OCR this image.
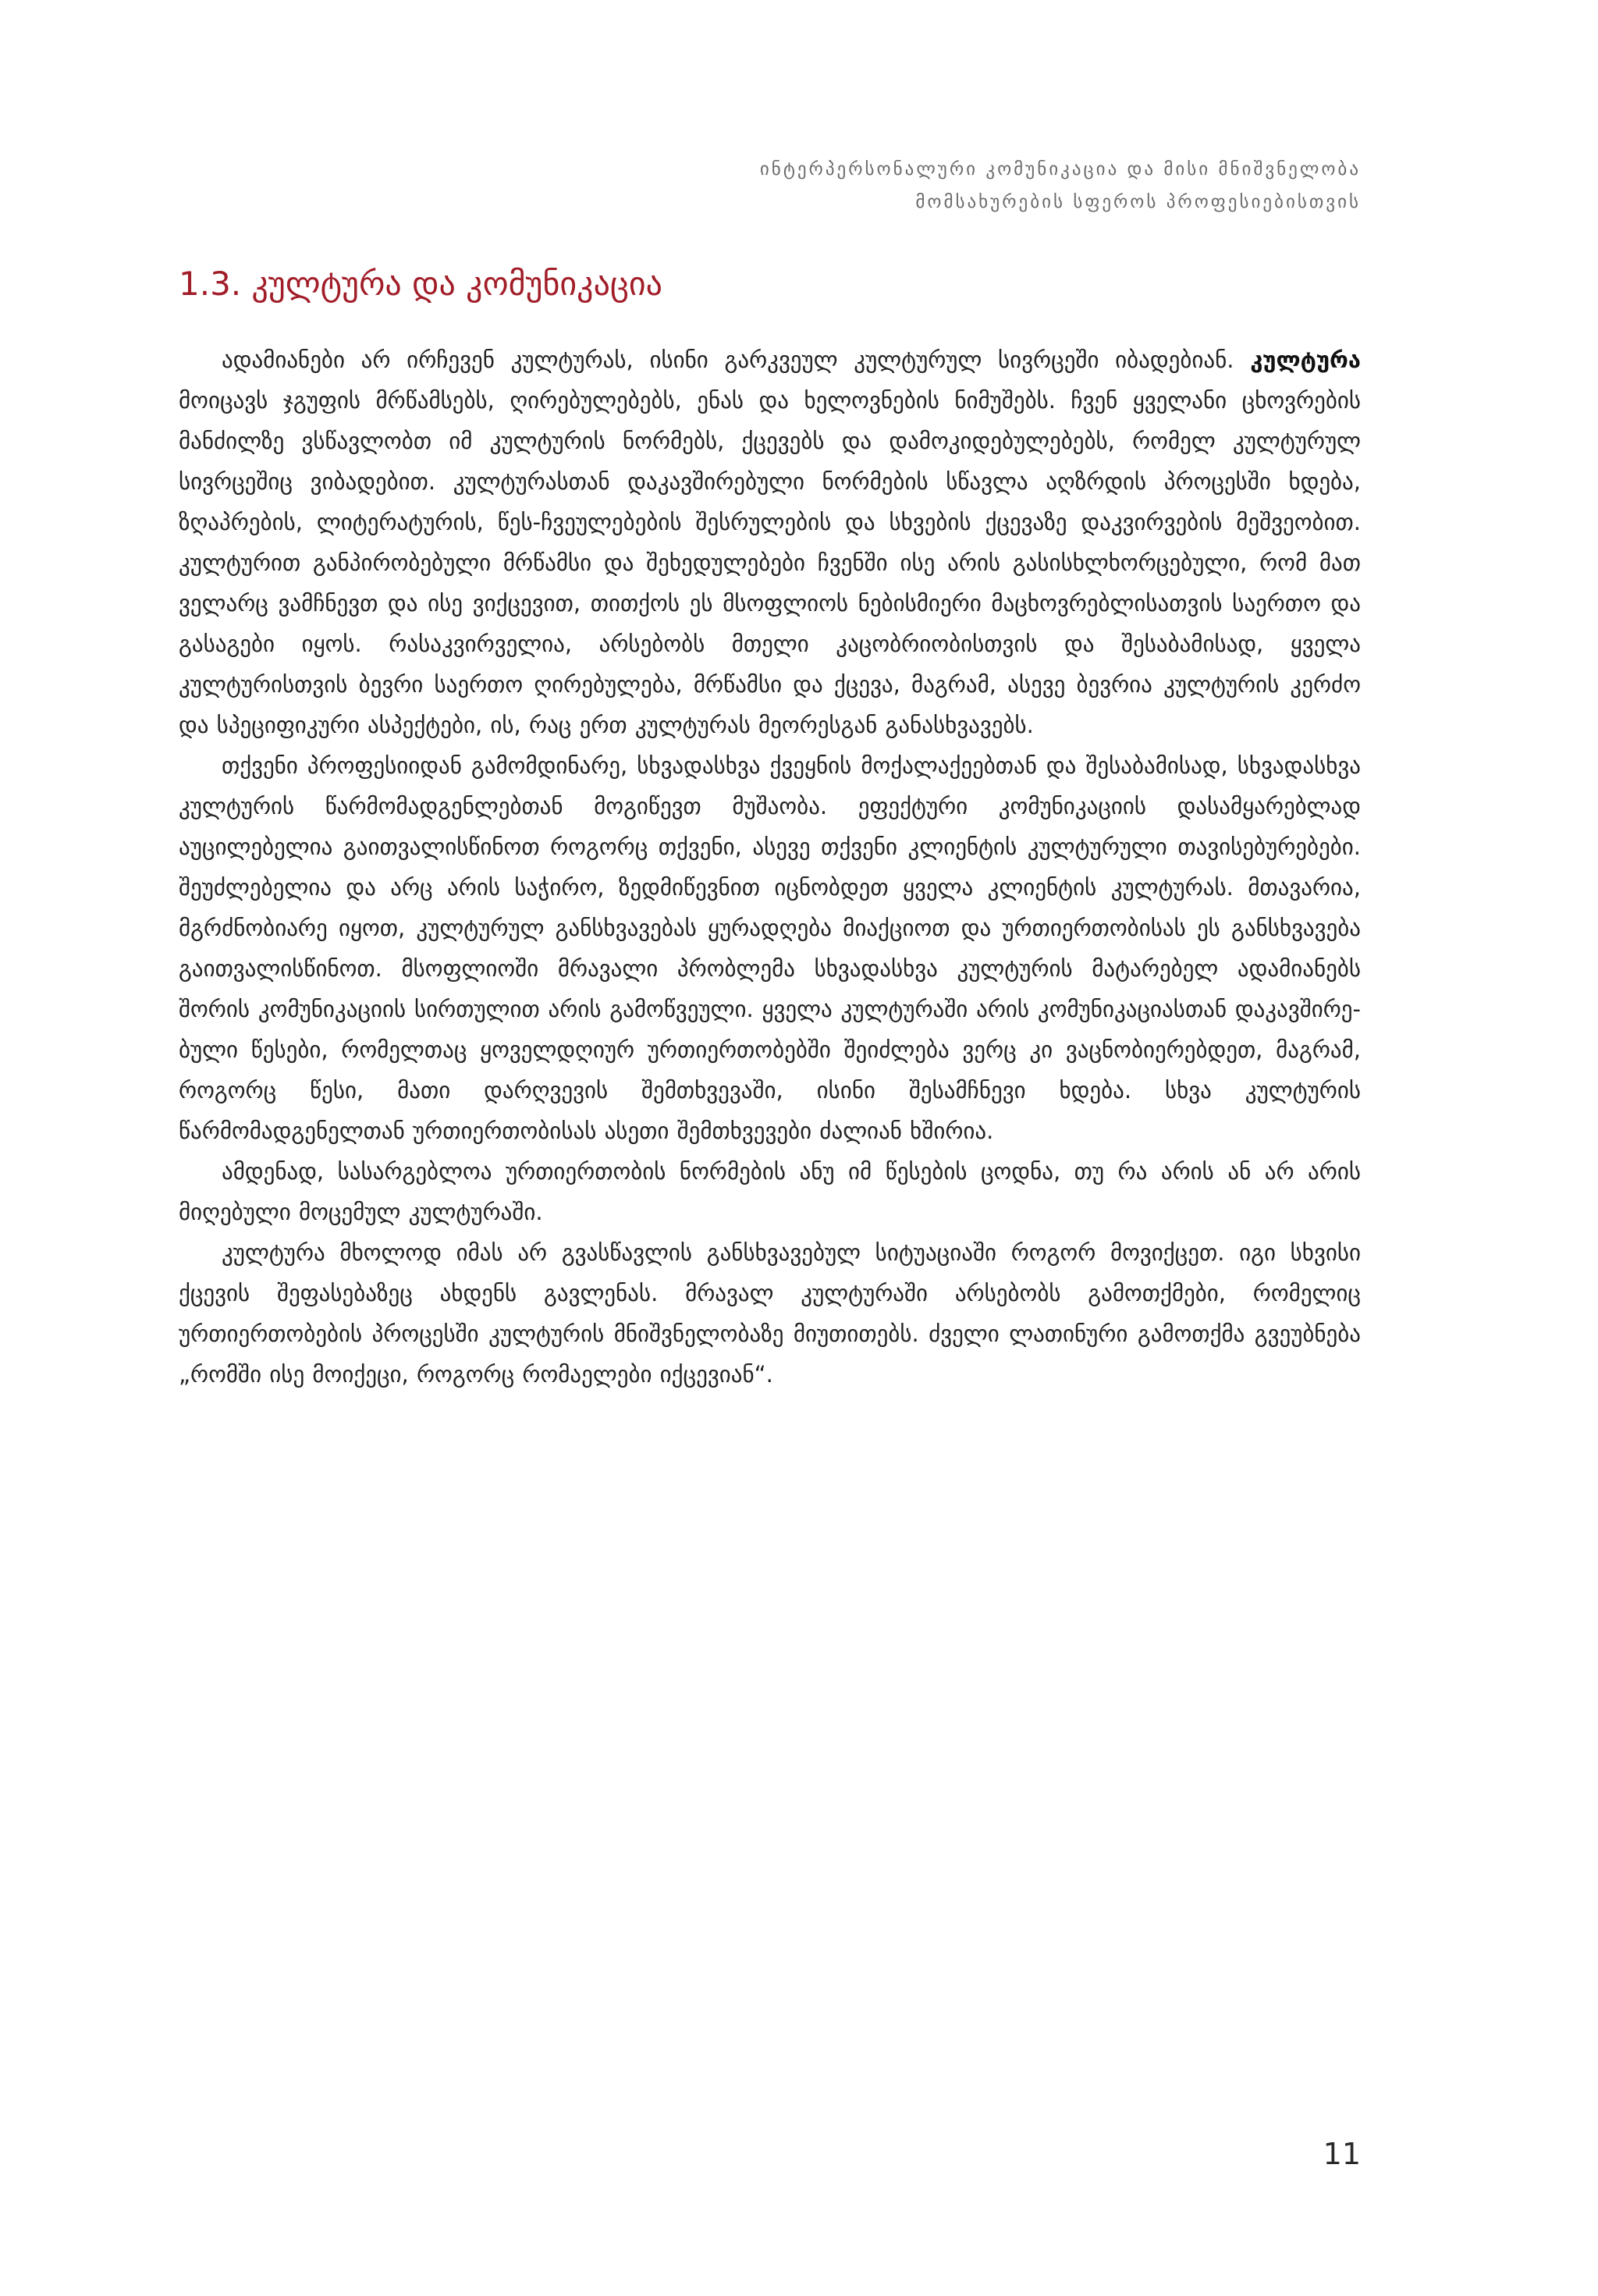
ინტერპერსონალური კომუნიკაცია და მისი მნიშვნელობა
მომსახურების სფეროს პროფესიებისთვის
1.3. კულტურა და კომუნიკაცია

ადამიანები არ ირჩევენ კულტურას, ისინი გარკვეულ კულტურულ სივრცეში იბადებიან. კულტურა მოიცავს ჯგუფის მრწამსებს, ღირებულებებს, ენას და ხელოვნების ნიმუშებს. ჩვენ ყველანი ცხოვრების მანძილზე ვსწავლობთ იმ კულტურის ნორმებს, ქცევებს და დამოკიდებულებებს, რომელ კულტურულ სივრცეშიც ვიბადებით. კულტურასთან დაკავშირებული ნორმების სწავლა აღზრდის პროცესში ხდება, ზღაპრების, ლიტერატურის, წეს-ჩვეულებების შესრულების და სხვების ქცევაზე დაკვირვების მეშვეობით. კულტურით განპირობებული მრწამსი და შეხედულებები ჩვენში ისე არის გასისხლხორცებული, რომ მათ ველარც ვამჩნევთ და ისე ვიქცევით, თითქოს ეს მსოფლიოს ნებისმიერი მაცხოვრებლისათვის საერთო და გასაგები იყოს. რასაკვირველია, არსებობს მთელი კაცობრიობისთვის და შესაბამისად, ყველა კულტურისთვის ბევრი საერთო ღირებულება, მრწამსი და ქცევა, მაგრამ, ასევე ბევრია კულტურის კერძო და სპეციფიკური ასპექტები, ის, რაც ერთ კულტურას მეორესგან განასხვავებს.

თქვენი პროფესიიდან გამომდინარე, სხვადასხვა ქვეყნის მოქალაქეებთან და შესაბამისად, სხვადასხვა კულტურის წარმომადგენლებთან მოგიწევთ მუშაობა. ეფექტური კომუნიკაციის დასამყარებლად აუცილებელია გაითვალისწინოთ როგორც თქვენი, ასევე თქვენი კლიენტის კულტურული თავისებურებები. შეუძლებელია და არც არის საჭირო, ზედმიწევნით იცნობდეთ ყველა კლიენტის კულტურას. მთავარია, მგრძნობიარე იყოთ, კულტურულ განსხვავებას ყურადღება მიაქციოთ და ურთიერთობისას ეს განსხვავება გაითვალისწინოთ. მსოფლიოში მრავალი პრობლემა სხვადასხვა კულტურის მატარებელ ადამიანებს შორის კომუნიკაციის სირთულით არის გამოწვეული. ყველა კულტურაში არის კომუნიკაციასთან დაკავშირებული წესები, რომელთაც ყოველდღიურ ურთიერთობებში შეიძლება ვერც კი ვაცნობიერებდეთ, მაგრამ, როგორც წესი, მათი დარღვევის შემთხვევაში, ისინი შესამჩნევი ხდება. სხვა კულტურის წარმომადგენელთან ურთიერთობისას ასეთი შემთხვევები ძალიან ხშირია.

ამდენად, სასარგებლოა ურთიერთობის ნორმების ანუ იმ წესების ცოდნა, თუ რა არის ან არ არის მიღებული მოცემულ კულტურაში.

კულტურა მხოლოდ იმას არ გვასწავლის განსხვავებულ სიტუაციაში როგორ მოვიქცეთ. იგი სხვისი ქცევის შეფასებაზეც ახდენს გავლენას. მრავალ კულტურაში არსებობს გამოთქმები, რომელიც ურთიერთობების პროცესში კულტურის მნიშვნელობაზე მიუთითებს. ძველი ლათინური გამოთქმა გვეუბნება „რომში ისე მოიქეცი, როგორც რომაელები იქცევიან“.

11
